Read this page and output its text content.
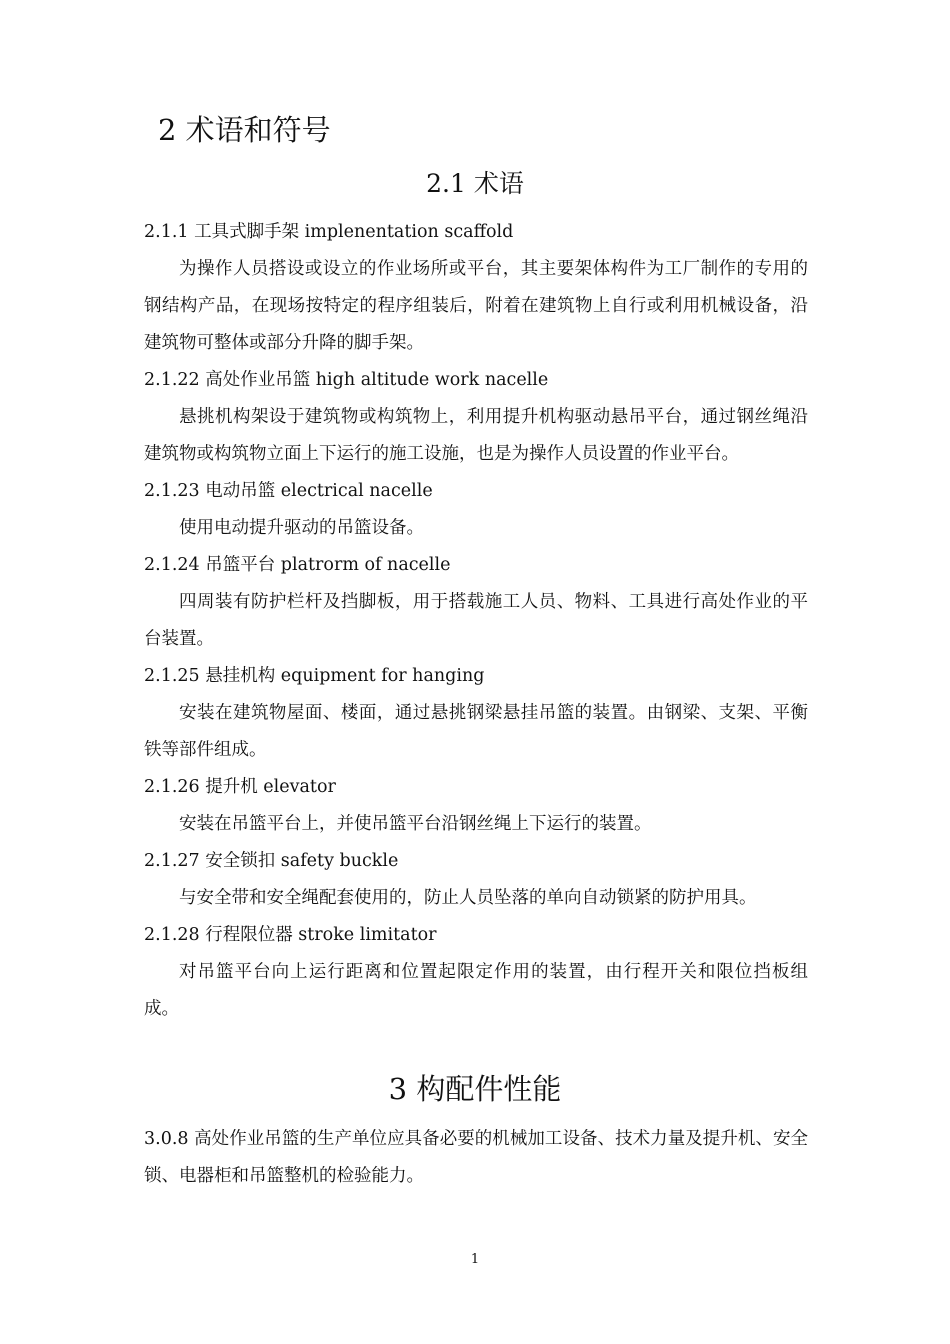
2 术语和符号
2.1 术语

2.1.1 工具式脚手架 implenentation scaffold

为操作人员搭设或设立的作业场所或平台，其主要架体构件为工厂制作的专用的钢结构产品，在现场按特定的程序组装后，附着在建筑物上自行或利用机械设备，沿建筑物可整体或部分升降的脚手架。

2.1.22 高处作业吊篮 high altitude work nacelle

悬挑机构架设于建筑物或构筑物上，利用提升机构驱动悬吊平台，通过钢丝绳沿建筑物或构筑物立面上下运行的施工设施，也是为操作人员设置的作业平台。

2.1.23 电动吊篮 electrical nacelle

使用电动提升驱动的吊篮设备。

2.1.24 吊篮平台 platrorm of nacelle

四周装有防护栏杆及挡脚板，用于搭载施工人员、物料、工具进行高处作业的平台装置。

2.1.25 悬挂机构 equipment for hanging

安装在建筑物屋面、楼面，通过悬挑钢梁悬挂吊篮的装置。由钢梁、支架、平衡铁等部件组成。

2.1.26 提升机 elevator

安装在吊篮平台上，并使吊篮平台沿钢丝绳上下运行的装置。

2.1.27 安全锁扣 safety buckle

与安全带和安全绳配套使用的，防止人员坠落的单向自动锁紧的防护用具。

2.1.28 行程限位器 stroke limitator

对吊篮平台向上运行距离和位置起限定作用的装置，由行程开关和限位挡板组成。

3 构配件性能

3.0.8 高处作业吊篮的生产单位应具备必要的机械加工设备、技术力量及提升机、安全锁、电器柜和吊篮整机的检验能力。

1
